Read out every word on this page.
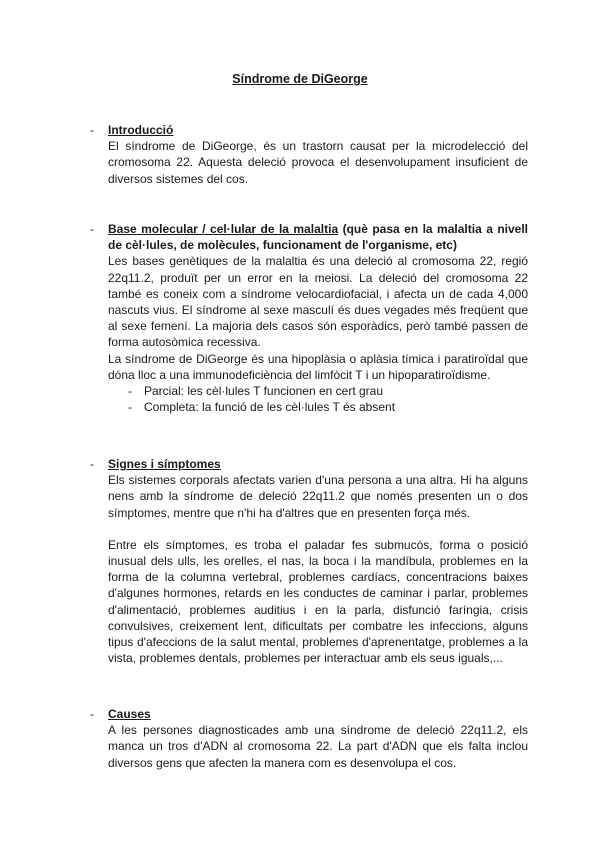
Síndrome de DiGeorge
- Introducció

El síndrome de DiGeorge, és un trastorn causat per la microdelecció del cromosoma 22. Aquesta deleció provoca el desenvolupament insuficient de diversos sistemes del cos.

- Base molecular / cel·lular de la malaltia (què pasa en la malaltia a nivell de cèl·lules, de molècules, funcionament de l'organisme, etc)

Les bases genètiques de la malaltia és una deleció al cromosoma 22, regió 22q11.2, produït per un error en la meiosi. La deleció del cromosoma 22 també es coneix com a síndrome velocardiofacial, i afecta un de cada 4,000 nascuts vius. El síndrome al sexe masculí és dues vegades més freqüent que al sexe femení. La majoria dels casos són esporàdics, però també passen de forma autosòmica recessiva.

La síndrome de DiGeorge és una hipoplàsia o aplàsia tímica i paratiroïdal que dóna lloc a una immunodeficiència del limfòcit T i un hipoparatiroïdisme.

- Parcial: les cèl·lules T funcionen en cert grau

- Completa: la funció de les cèl·lules T és absent

- Signes i símptomes

Els sistemes corporals afectats varien d'una persona a una altra. Hi ha alguns nens amb la síndrome de deleció 22q11.2 que només presenten un o dos símptomes, mentre que n'hi ha d'altres que en presenten força més.

Entre els símptomes, es troba el paladar fes submucós, forma o posició inusual dels ulls, les orelles, el nas, la boca i la mandíbula, problemes en la forma de la columna vertebral, problemes cardíacs, concentracions baixes d'algunes hormones, retards en les conductes de caminar i parlar, problemes d'alimentació, problemes auditius i en la parla, disfunció faríngia, crisis convulsives, creixement lent, dificultats per combatre les infeccions, alguns tipus d'afeccions de la salut mental, problemes d'aprenentatge, problemes a la vista, problemes dentals, problemes per interactuar amb els seus iguals,...

- Causes

A les persones diagnosticades amb una síndrome de deleció 22q11.2, els manca un tros d'ADN al cromosoma 22. La part d'ADN que els falta inclou diversos gens que afecten la manera com es desenvolupa el cos.
